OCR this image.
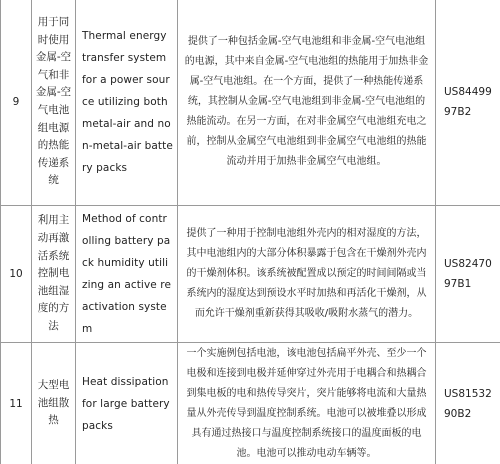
9	用于同时使用金属-空气和非金属-空气电池组电源的热能传递系统	Thermal energy transfer system for a power source utilizing both metal-air and non-metal-air battery packs	提供了一种包括金属-空气电池组和非金属-空气电池组的电源，其中来自金属-空气电池组的热能用于加热非金属-空气电池组。在一个方面，提供了一种热能传递系统，其控制从金属-空气电池组到非金属-空气电池组的热能流动。在另一方面，在对非金属空气电池组充电之前，控制从金属空气电池组到非金属空气电池组的热能流动并用于加热非金属空气电池组。	US8449997B2

10	利用主动再激活系统控制电池组湿度的方法	Method of controlling battery pack humidity utilizing an active reactivation system	提供了一种用于控制电池组外壳内的相对湿度的方法，其中电池组内的大部分体积暴露于包含在干燥剂外壳内的干燥剂体积。该系统被配置成以预定的时间间隔或当系统内的湿度达到预设水平时加热和再活化干燥剂，从而允许干燥剂重新获得其吸收/吸附水蒸气的潜力。	US8247097B1

11	大型电池组散热	Heat dissipation for large battery packs	一个实施例包括电池，该电池包括扁平外壳、至少一个电极和连接到电极并延伸穿过外壳用于电耦合和热耦合到集电板的电和热传导突片，突片能够将电流和大量热量从外壳传导到温度控制系统。电池可以被堆叠以形成具有通过热接口与温度控制系统接口的温度面板的电池。电池可以推动电动车辆等。	US8153290B2
